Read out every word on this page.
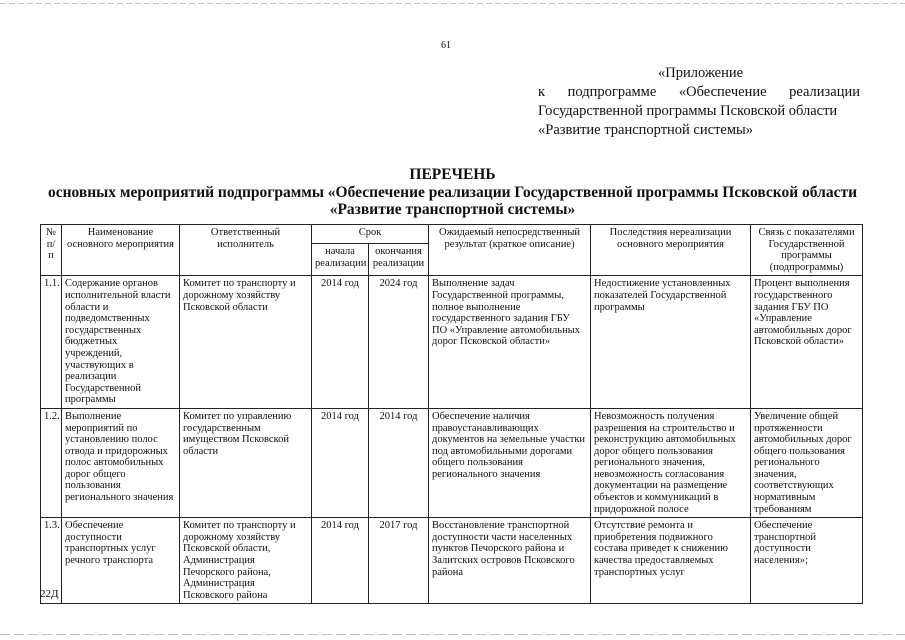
61
«Приложение
к подпрограмме «Обеспечение реализации
Государственной программы Псковской области
«Развитие транспортной системы»
ПЕРЕЧЕНЬ
основных мероприятий подпрограммы «Обеспечение реализации Государственной программы Псковской области
«Развитие транспортной системы»
№ п/п	Наименование основного мероприятия	Ответственный исполнитель	Срок		Ожидаемый непосредственный результат (краткое описание)	Последствия нереализации основного мероприятия	Связь с показателями Государственной программы (подпрограммы)
			начала реализации	окончания реализации			
1.1.	Содержание органов исполнительной власти области и подведомственных государственных бюджетных учреждений, участвующих в реализации Государственной программы	Комитет по транспорту и дорожному хозяйству Псковской области	2014 год	2024 год	Выполнение задач Государственной программы, полное выполнение государственного задания ГБУ ПО «Управление автомобильных дорог Псковской области»	Недостижение установленных показателей Государственной программы	Процент выполнения государственного задания ГБУ ПО «Управление автомобильных дорог Псковской области»
1.2.	Выполнение мероприятий по установлению полос отвода и придорожных полос автомобильных дорог общего пользования регионального значения	Комитет по управлению государственным имуществом Псковской области	2014 год	2014 год	Обеспечение наличия правоустанавливающих документов на земельные участки под автомобильными дорогами общего пользования регионального значения	Невозможность получения разрешения на строительство и реконструкцию автомобильных дорог общего пользования регионального значения, невозможность согласования документации на размещение объектов и коммуникаций в придорожной полосе	Увеличение общей протяженности автомобильных дорог общего пользования регионального значения, соответствующих нормативным требованиям
1.3.	Обеспечение доступности транспортных услуг речного транспорта	Комитет по транспорту и дорожному хозяйству Псковской области, Администрация Печорского района, Администрация Псковского района	2014 год	2017 год	Восстановление транспортной доступности части населенных пунктов Печорского района и Залитских островов Псковского района	Отсутствие ремонта и приобретения подвижного состава приведет к снижению качества предоставляемых транспортных услуг	Обеспечение транспортной доступности населения»;
22Д
